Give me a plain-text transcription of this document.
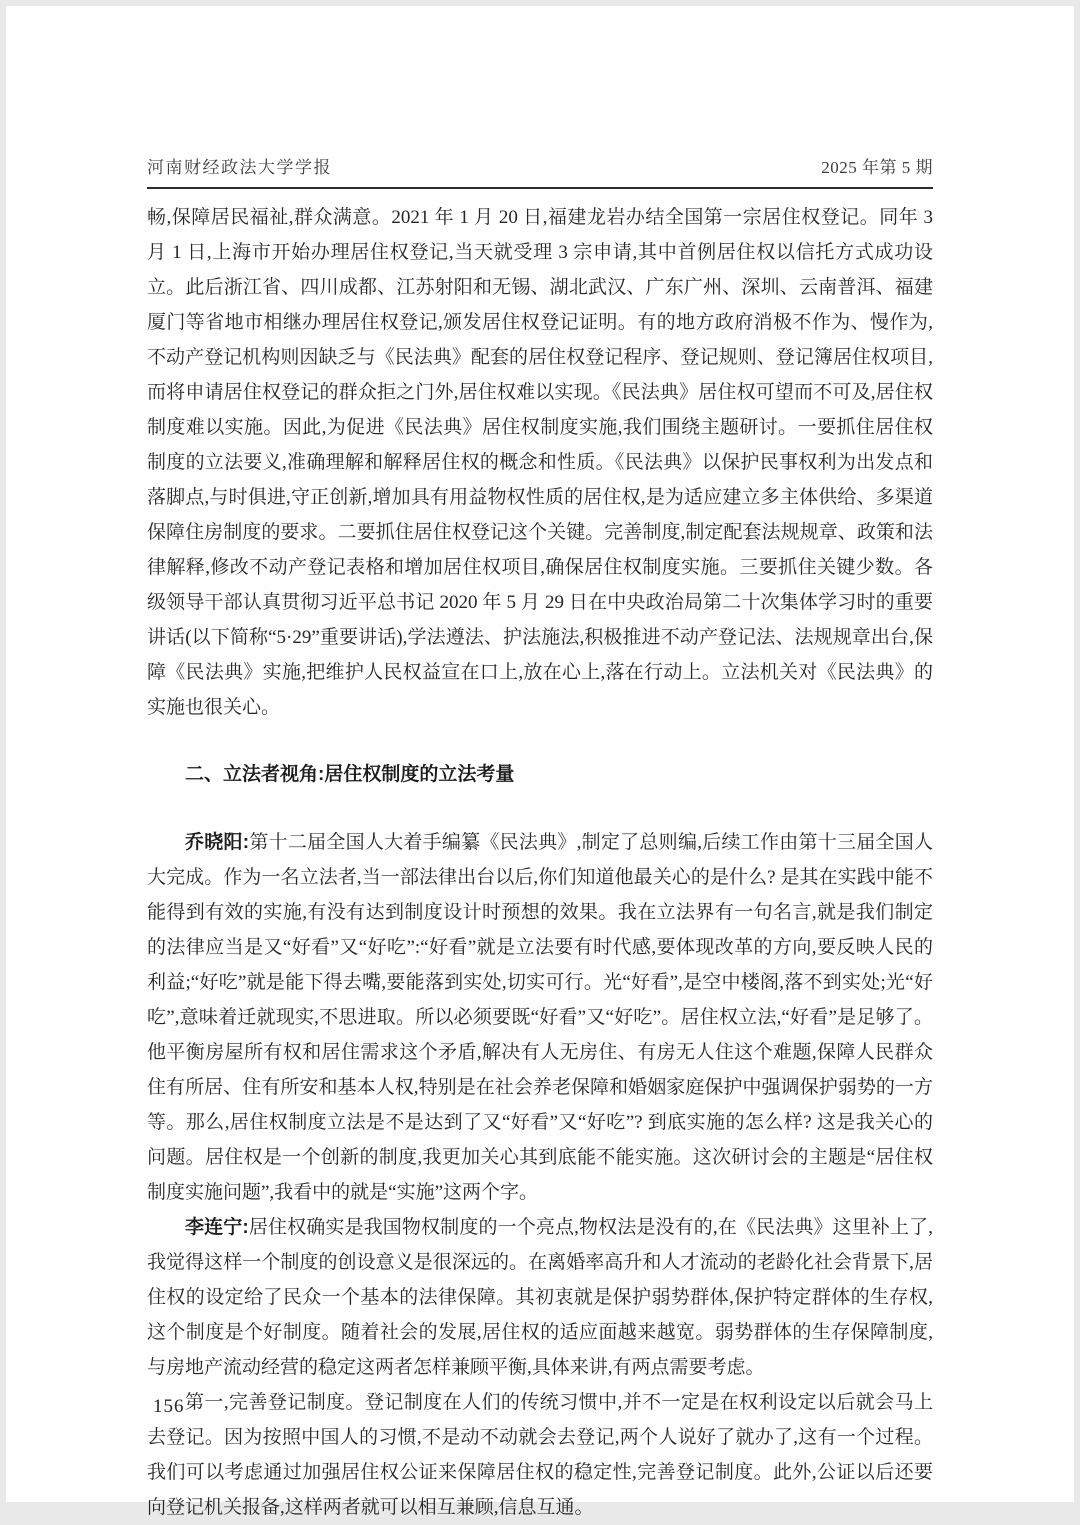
河南财经政法大学学报	2025 年第 5 期

畅,保障居民福祉,群众满意。2021 年 1 月 20 日,福建龙岩办结全国第一宗居住权登记。同年 3 月 1 日,上海市开始办理居住权登记,当天就受理 3 宗申请,其中首例居住权以信托方式成功设立。此后浙江省、四川成都、江苏射阳和无锡、湖北武汉、广东广州、深圳、云南普洱、福建厦门等省地市相继办理居住权登记,颁发居住权登记证明。有的地方政府消极不作为、慢作为,不动产登记机构则因缺乏与《民法典》配套的居住权登记程序、登记规则、登记簿居住权项目,而将申请居住权登记的群众拒之门外,居住权难以实现。《民法典》居住权可望而不可及,居住权制度难以实施。因此,为促进《民法典》居住权制度实施,我们围绕主题研讨。一要抓住居住权制度的立法要义,准确理解和解释居住权的概念和性质。《民法典》以保护民事权利为出发点和落脚点,与时俱进,守正创新,增加具有用益物权性质的居住权,是为适应建立多主体供给、多渠道保障住房制度的要求。二要抓住居住权登记这个关键。完善制度,制定配套法规规章、政策和法律解释,修改不动产登记表格和增加居住权项目,确保居住权制度实施。三要抓住关键少数。各级领导干部认真贯彻习近平总书记 2020 年 5 月 29 日在中央政治局第二十次集体学习时的重要讲话(以下简称“5·29”重要讲话),学法遵法、护法施法,积极推进不动产登记法、法规规章出台,保障《民法典》实施,把维护人民权益宣在口上,放在心上,落在行动上。立法机关对《民法典》的实施也很关心。

二、立法者视角:居住权制度的立法考量

乔晓阳:第十二届全国人大着手编纂《民法典》,制定了总则编,后续工作由第十三届全国人大完成。作为一名立法者,当一部法律出台以后,你们知道他最关心的是什么? 是其在实践中能不能得到有效的实施,有没有达到制度设计时预想的效果。我在立法界有一句名言,就是我们制定的法律应当是又“好看”又“好吃”:“好看”就是立法要有时代感,要体现改革的方向,要反映人民的利益;“好吃”就是能下得去嘴,要能落到实处,切实可行。光“好看”,是空中楼阁,落不到实处;光“好吃”,意味着迁就现实,不思进取。所以必须要既“好看”又“好吃”。居住权立法,“好看”是足够了。他平衡房屋所有权和居住需求这个矛盾,解决有人无房住、有房无人住这个难题,保障人民群众住有所居、住有所安和基本人权,特别是在社会养老保障和婚姻家庭保护中强调保护弱势的一方等。那么,居住权制度立法是不是达到了又“好看”又“好吃”? 到底实施的怎么样? 这是我关心的问题。居住权是一个创新的制度,我更加关心其到底能不能实施。这次研讨会的主题是“居住权制度实施问题”,我看中的就是“实施”这两个字。

李连宁:居住权确实是我国物权制度的一个亮点,物权法是没有的,在《民法典》这里补上了,我觉得这样一个制度的创设意义是很深远的。在离婚率高升和人才流动的老龄化社会背景下,居住权的设定给了民众一个基本的法律保障。其初衷就是保护弱势群体,保护特定群体的生存权,这个制度是个好制度。随着社会的发展,居住权的适应面越来越宽。弱势群体的生存保障制度,与房地产流动经营的稳定这两者怎样兼顾平衡,具体来讲,有两点需要考虑。

第一,完善登记制度。登记制度在人们的传统习惯中,并不一定是在权利设定以后就会马上去登记。因为按照中国人的习惯,不是动不动就会去登记,两个人说好了就办了,这有一个过程。我们可以考虑通过加强居住权公证来保障居住权的稳定性,完善登记制度。此外,公证以后还要向登记机关报备,这样两者就可以相互兼顾,信息互通。

156
